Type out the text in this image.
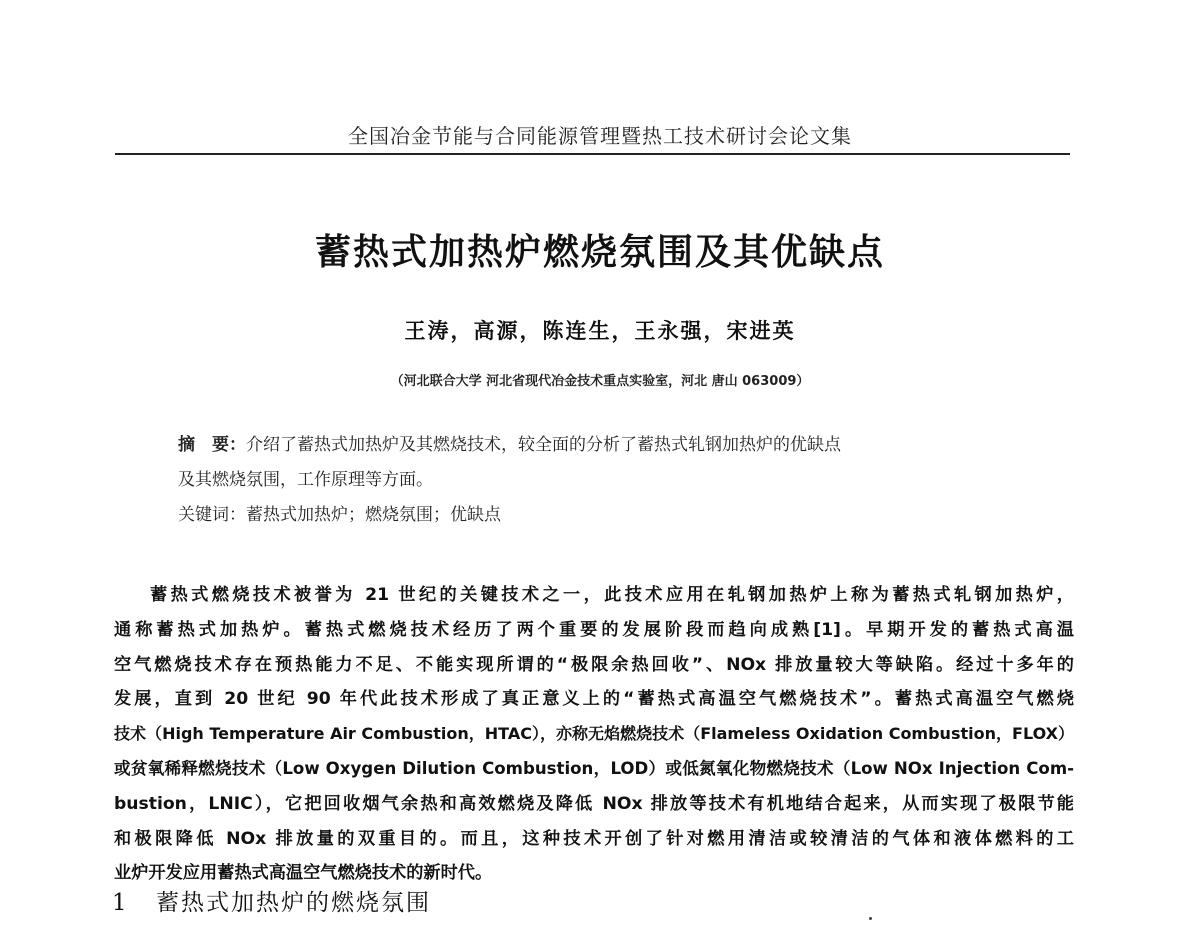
全国冶金节能与合同能源管理暨热工技术研讨会论文集
蓄热式加热炉燃烧氛围及其优缺点
王涛，高源，陈连生，王永强，宋进英
（河北联合大学 河北省现代冶金技术重点实验室，河北 唐山 063009）
摘　要：介绍了蓄热式加热炉及其燃烧技术，较全面的分析了蓄热式轧钢加热炉的优缺点
及其燃烧氛围，工作原理等方面。
关键词：蓄热式加热炉；燃烧氛围；优缺点
蓄热式燃烧技术被誉为 21 世纪的关键技术之一，此技术应用在轧钢加热炉上称为蓄热式轧钢加热炉，
通称蓄热式加热炉。蓄热式燃烧技术经历了两个重要的发展阶段而趋向成熟[1]。早期开发的蓄热式高温
空气燃烧技术存在预热能力不足、不能实现所谓的“极限余热回收”、NOx 排放量较大等缺陷。经过十多年的
发展，直到 20 世纪 90 年代此技术形成了真正意义上的“蓄热式高温空气燃烧技术”。蓄热式高温空气燃烧
技术（High Temperature Air Combustion，HTAC），亦称无焰燃烧技术（Flameless Oxidation Combustion，FLOX）
或贫氧稀释燃烧技术（Low Oxygen Dilution Combustion，LOD）或低氮氧化物燃烧技术（Low NOx Injection Com-
bustion，LNIC），它把回收烟气余热和高效燃烧及降低 NOx 排放等技术有机地结合起来，从而实现了极限节能
和极限降低 NOx 排放量的双重目的。而且，这种技术开创了针对燃用清洁或较清洁的气体和液体燃料的工
业炉开发应用蓄热式高温空气燃烧技术的新时代。
1 蓄热式加热炉的燃烧氛围
